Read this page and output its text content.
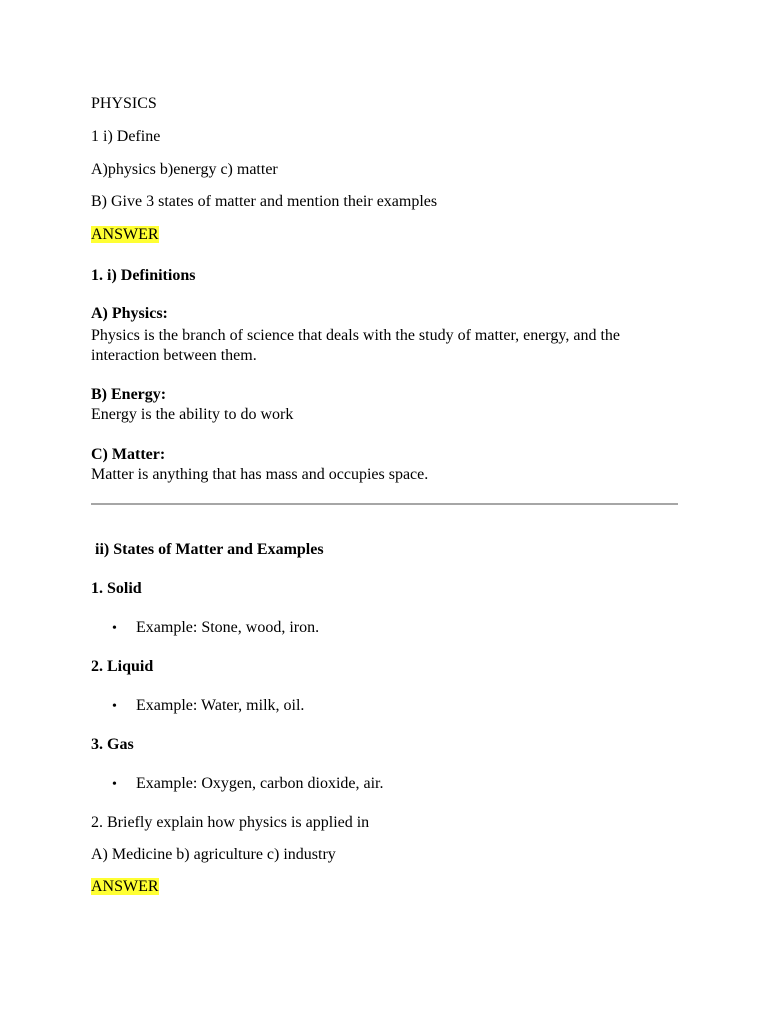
PHYSICS
1 i) Define
A)physics b)energy c) matter
B) Give 3 states of matter and mention their examples
ANSWER
1. i) Definitions
A) Physics:
Physics is the branch of science that deals with the study of matter, energy, and the interaction between them.
B) Energy:
Energy is the ability to do work
C) Matter:
Matter is anything that has mass and occupies space.
ii) States of Matter and Examples
1. Solid
• Example: Stone, wood, iron.
2. Liquid
• Example: Water, milk, oil.
3. Gas
• Example: Oxygen, carbon dioxide, air.
2. Briefly explain how physics is applied in
A) Medicine b) agriculture c) industry
ANSWER
